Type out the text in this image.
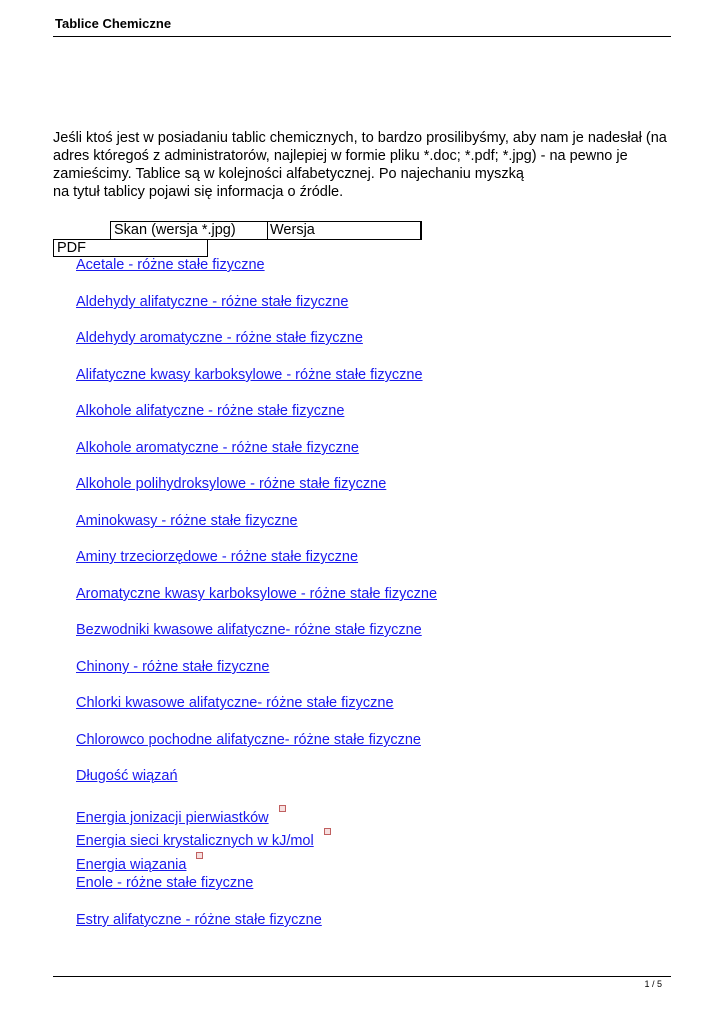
Tablice Chemiczne
Jeśli ktoś jest w posiadaniu tablic chemicznych, to bardzo prosilibyśmy, aby nam je nadesłał (na
adres któregoś z administratorów, najlepiej w formie pliku *.doc; *.pdf; *.jpg) - na pewno je
zamieścimy. Tablice są w kolejności alfabetycznej. Po najechaniu myszką
na tytuł tablicy pojawi się informacja o źródle.
Skan (wersja *.jpg) Wersja
PDF
Acetale - różne stałe fizyczne
Aldehydy alifatyczne - różne stałe fizyczne
Aldehydy aromatyczne - różne stałe fizyczne
Alifatyczne kwasy karboksylowe - różne stałe fizyczne
Alkohole alifatyczne - różne stałe fizyczne
Alkohole aromatyczne - różne stałe fizyczne
Alkohole polihydroksylowe - różne stałe fizyczne
Aminokwasy - różne stałe fizyczne
Aminy trzeciorzędowe - różne stałe fizyczne
Aromatyczne kwasy karboksylowe - różne stałe fizyczne
Bezwodniki kwasowe alifatyczne- różne stałe fizyczne
Chinony - różne stałe fizyczne
Chlorki kwasowe alifatyczne- różne stałe fizyczne
Chlorowco pochodne alifatyczne- różne stałe fizyczne
Długość wiązań
Energia jonizacji pierwiastków
Energia sieci krystalicznych w kJ/mol
Energia wiązania
Enole - różne stałe fizyczne
Estry alifatyczne - różne stałe fizyczne
1 / 5
